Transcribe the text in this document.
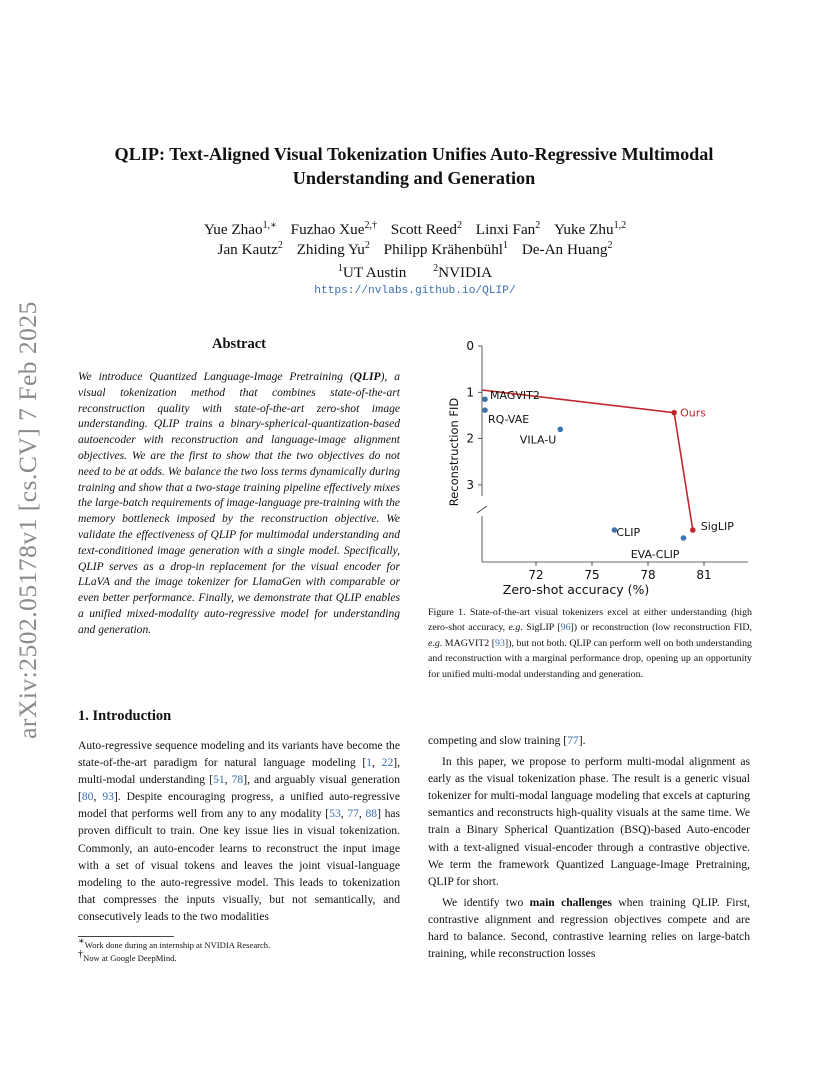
arXiv:2502.05178v1 [cs.CV] 7 Feb 2025
QLIP: Text-Aligned Visual Tokenization Unifies Auto-Regressive Multimodal Understanding and Generation
Yue Zhao$^{1,∗}$ Fuzhao Xue$^{2,\dagger}$ Scott Reed$^2$ Linxi Fan$^2$ Yuke Zhu$^{1,2}$
Jan Kautz$^2$ Zhiding Yu$^2$ Philipp Krähenbühl$^1$ De-An Huang$^2$
$^1$UT Austin	$^2$NVIDIA
https://nvlabs.github.io/QLIP/
Abstract
We introduce Quantized Language-Image Pretraining (QLIP), a visual tokenization method that combines state-of-the-art reconstruction quality with state-of-the-art zero-shot image understanding. QLIP trains a binary-spherical-quantization-based autoencoder with reconstruction and language-image alignment objectives. We are the first to show that the two objectives do not need to be at odds. We balance the two loss terms dynamically during training and show that a two-stage training pipeline effectively mixes the large-batch requirements of image-language pre-training with the memory bottleneck imposed by the reconstruction objective. We validate the effectiveness of QLIP for multimodal understanding and text-conditioned image generation with a single model. Specifically, QLIP serves as a drop-in replacement for the visual encoder for LLaVA and the image tokenizer for LlamaGen with comparable or even better performance. Finally, we demonstrate that QLIP enables a unified mixed-modality auto-regressive model for understanding and generation.
1. Introduction
Auto-regressive sequence modeling and its variants have become the state-of-the-art paradigm for natural language modeling [1, 22], multi-modal understanding [51, 78], and arguably visual generation [80, 93]. Despite encouraging progress, a unified auto-regressive model that performs well from any to any modality [53, 77, 88] has proven difficult to train. One key issue lies in visual tokenization. Commonly, an auto-encoder learns to reconstruct the input image with a set of visual tokens and leaves the joint visual-language modeling to the auto-regressive model. This leads to tokenization that compresses the inputs visually, but not semantically, and consecutively leads to the two modalities

competing and slow training [77].

In this paper, we propose to perform multi-modal alignment as early as the visual tokenization phase. The result is a generic visual tokenizer for multi-modal language modeling that excels at capturing semantics and reconstructs high-quality visuals at the same time. We train a Binary Spherical Quantization (BSQ)-based Auto-encoder with a text-aligned visual-encoder through a contrastive objective. We term the framework Quantized Language-Image Pretraining, QLIP for short.

We identify two main challenges when training QLIP. First, contrastive alignment and regression objectives compete and are hard to balance. Second, contrastive learning relies on large-batch training, while reconstruction losses

∗Work done during an internship at NVIDIA Research.
†Now at Google DeepMind.
72	75	78	81
0
1
2
3
MAGVIT2
RQ-VAE
VILA-U
CLIP
EVA-CLIP
SigLIP
Ours
Zero-shot accuracy (%)
Reconstruction FID
Figure 1. State-of-the-art visual tokenizers excel at either understanding (high zero-shot accuracy, e.g. SigLIP [96]) or reconstruction (low reconstruction FID, e.g. MAGVIT2 [93]), but not both. QLIP can perform well on both understanding and reconstruction with a marginal performance drop, opening up an opportunity for unified multi-modal understanding and generation.
